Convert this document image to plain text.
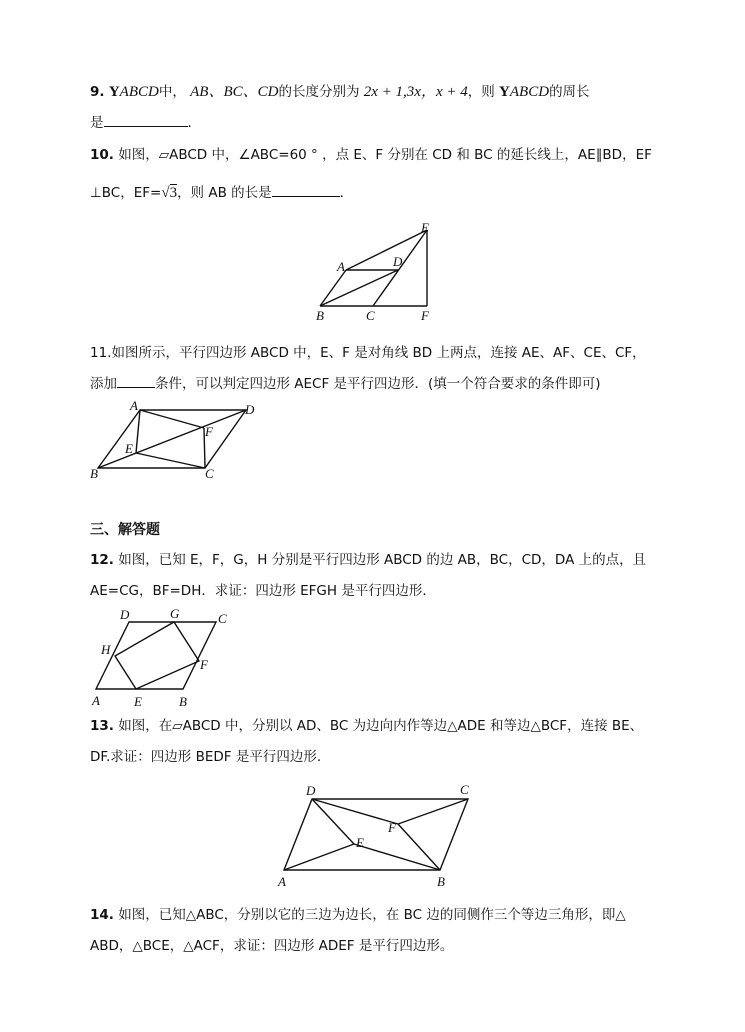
9. YABCD中， AB、BC、CD的长度分别为 2x + 1,3x，x + 4，则 YABCD的周长
是	.
10. 如图，▱ABCD 中，∠ABC=60 ° ，点 E、F 分别在 CD 和 BC 的延长线上，AE∥BD，EF
⊥BC，EF=√3，则 AB 的长是	.
A	D
E
B	C	F
11.如图所示，平行四边形 ABCD 中，E、F 是对角线 BD 上两点，连接 AE、AF、CE、CF，
添加	条件，可以判定四边形 AECF 是平行四边形．(填一个符合要求的条件即可)
A	D
E
F
B	C
三、解答题
12. 如图，已知 E，F，G，H 分别是平行四边形 ABCD 的边 AB，BC，CD，DA 上的点，且
AE=CG，BF=DH．求证：四边形 EFGH 是平行四边形．
D	G	C
H
F
A	E	B
13. 如图，在▱ABCD 中，分别以 AD、BC 为边向内作等边△ADE 和等边△BCF，连接 BE、
DF.求证：四边形 BEDF 是平行四边形.
D	C
F
E
A	B
14. 如图，已知△ABC，分别以它的三边为边长，在 BC 边的同侧作三个等边三角形，即△
ABD，△BCE，△ACF，求证：四边形 ADEF 是平行四边形。
